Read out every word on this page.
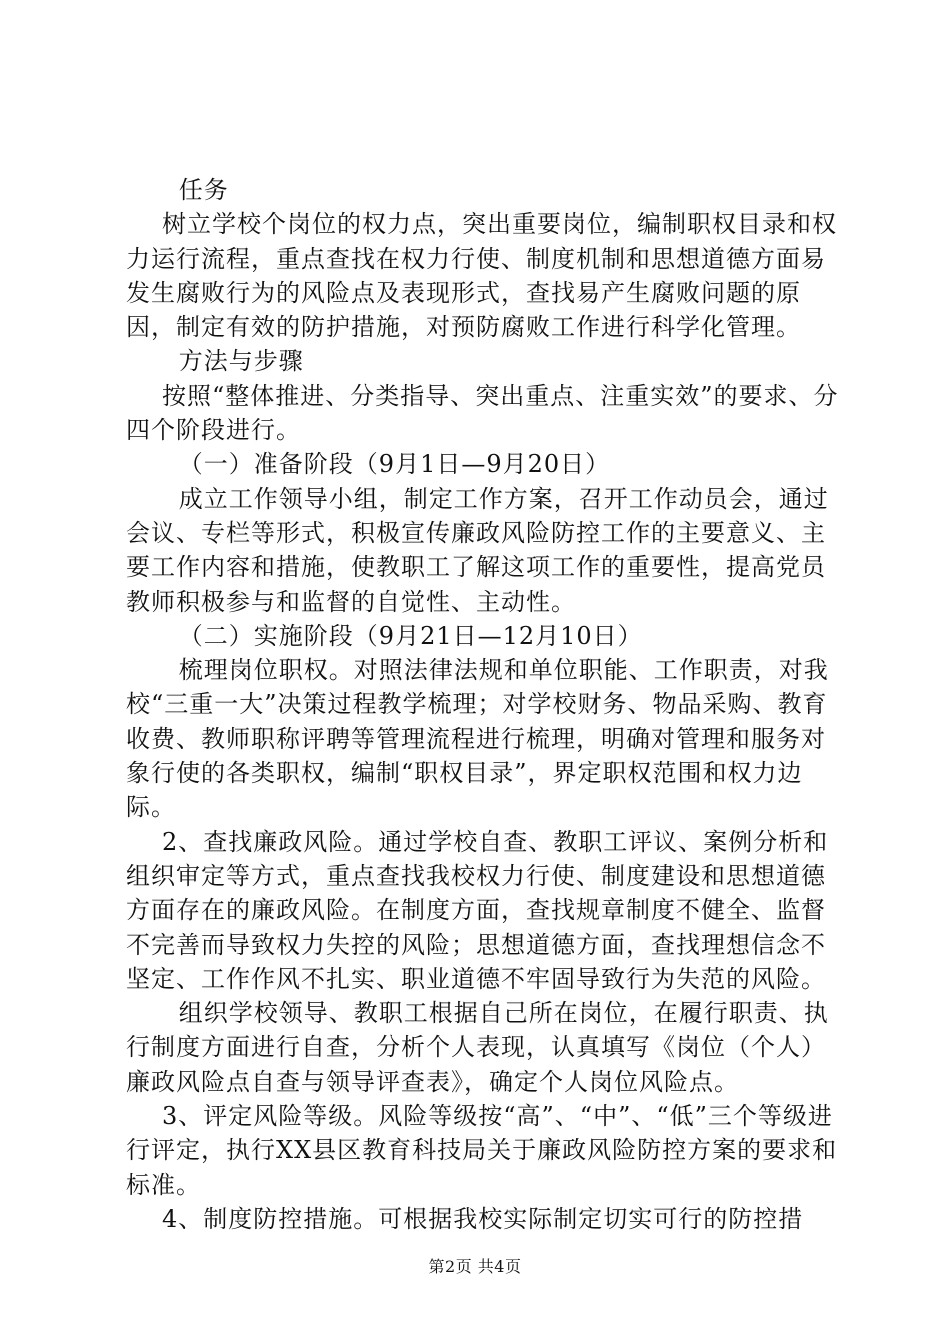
任务

树立学校个岗位的权力点，突出重要岗位，编制职权目录和权力运行流程，重点查找在权力行使、制度机制和思想道德方面易发生腐败行为的风险点及表现形式，查找易产生腐败问题的原因，制定有效的防护措施，对预防腐败工作进行科学化管理。

方法与步骤

按照“整体推进、分类指导、突出重点、注重实效”的要求、分四个阶段进行。

（一）准备阶段（9月1日—9月20日）

成立工作领导小组，制定工作方案，召开工作动员会，通过会议、专栏等形式，积极宣传廉政风险防控工作的主要意义、主要工作内容和措施，使教职工了解这项工作的重要性，提高党员教师积极参与和监督的自觉性、主动性。

（二）实施阶段（9月21日—12月10日）

梳理岗位职权。对照法律法规和单位职能、工作职责，对我校“三重一大”决策过程教学梳理；对学校财务、物品采购、教育收费、教师职称评聘等管理流程进行梳理，明确对管理和服务对象行使的各类职权，编制“职权目录”，界定职权范围和权力边际。

2、查找廉政风险。通过学校自查、教职工评议、案例分析和组织审定等方式，重点查找我校权力行使、制度建设和思想道德方面存在的廉政风险。在制度方面，查找规章制度不健全、监督不完善而导致权力失控的风险；思想道德方面，查找理想信念不坚定、工作作风不扎实、职业道德不牢固导致行为失范的风险。

组织学校领导、教职工根据自己所在岗位，在履行职责、执行制度方面进行自查，分析个人表现，认真填写《岗位（个人）廉政风险点自查与领导评查表》，确定个人岗位风险点。

3、评定风险等级。风险等级按“高”、“中”、“低”三个等级进行评定，执行XX县区教育科技局关于廉政风险防控方案的要求和标准。

4、制度防控措施。可根据我校实际制定切实可行的防控措

第2页 共4页
